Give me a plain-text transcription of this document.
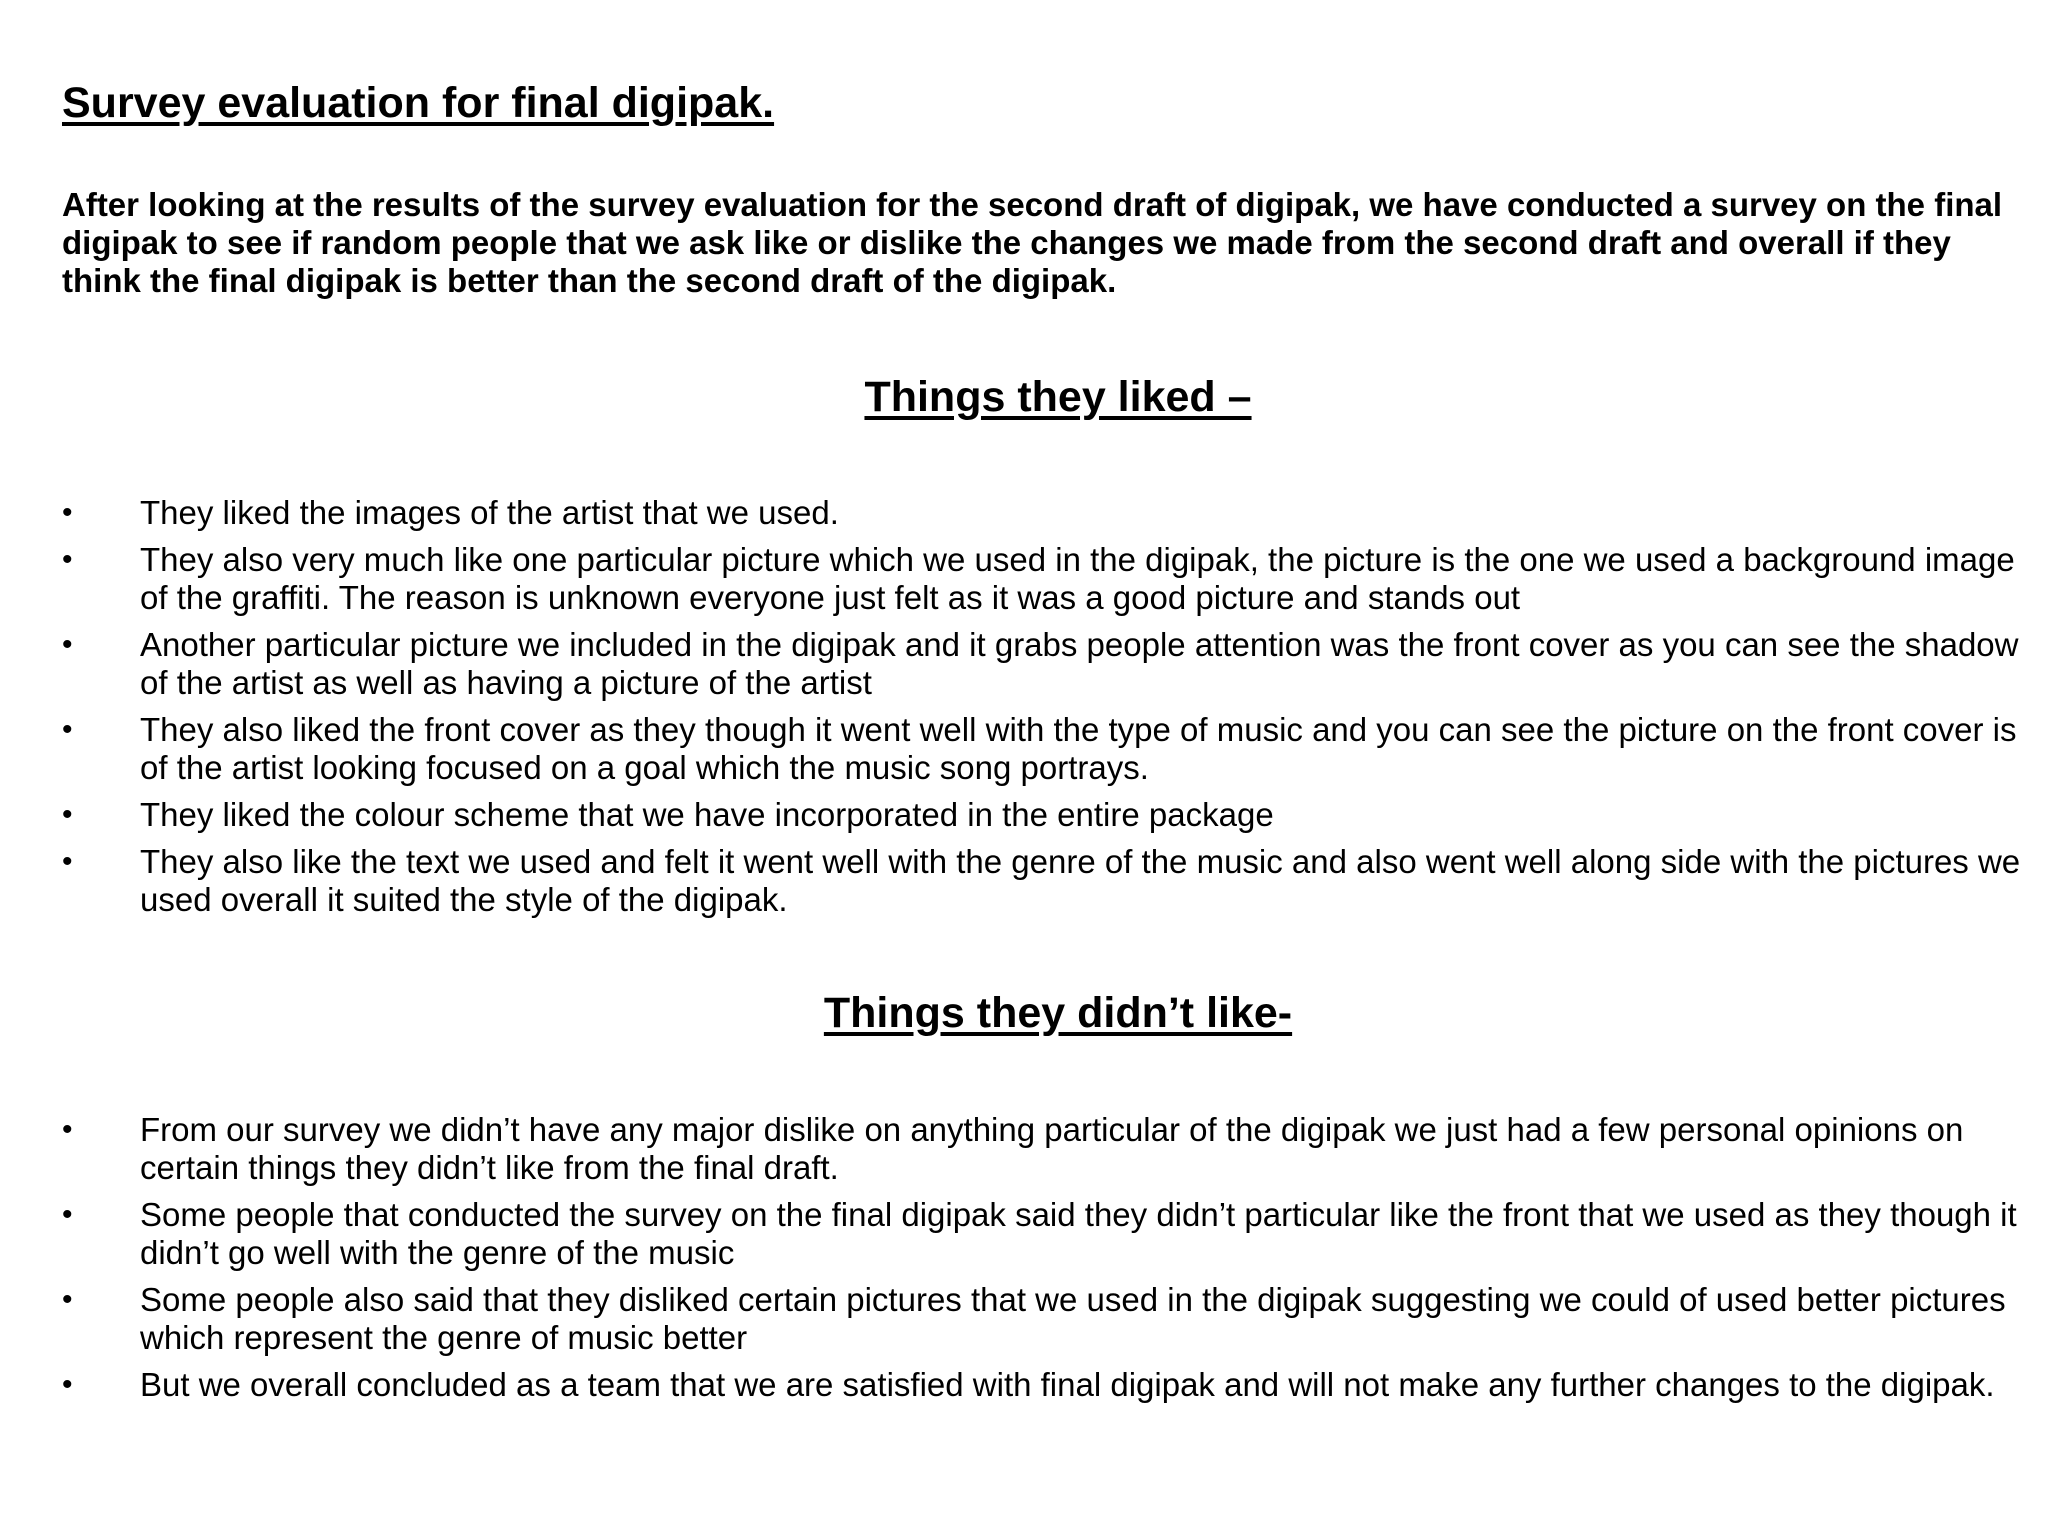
Survey evaluation for final digipak.

After looking at the results of the survey evaluation for the second draft of digipak, we have conducted a survey on the final digipak to see if random people that we ask like or dislike the changes we made from the second draft and overall if they think the final digipak is better than the second draft of the digipak.

Things they liked –
• They liked the images of the artist that we used.
• They also very much like one particular picture which we used in the digipak, the picture is the one we used a background image of the graffiti. The reason is unknown everyone just felt as it was a good picture and stands out
• Another particular picture we included in the digipak and it grabs people attention was the front cover as you can see the shadow of the artist as well as having a picture of the artist
• They also liked the front cover as they though it went well with the type of music and you can see the picture on the front cover is of the artist looking focused on a goal which the music song portrays.
• They liked the colour scheme that we have incorporated in the entire package
• They also like the text we used and felt it went well with the genre of the music and also went well along side with the pictures we used overall it suited the style of the digipak.
Things they didn’t like-
• From our survey we didn’t have any major dislike on anything particular of the digipak we just had a few personal opinions on certain things they didn’t like from the final draft.
• Some people that conducted the survey on the final digipak said they didn’t particular like the front that we used as they though it didn’t go well with the genre of the music
• Some people also said that they disliked certain pictures that we used in the digipak suggesting we could of used better pictures which represent the genre of music better
• But we overall concluded as a team that we are satisfied with final digipak and will not make any further changes to the digipak.
